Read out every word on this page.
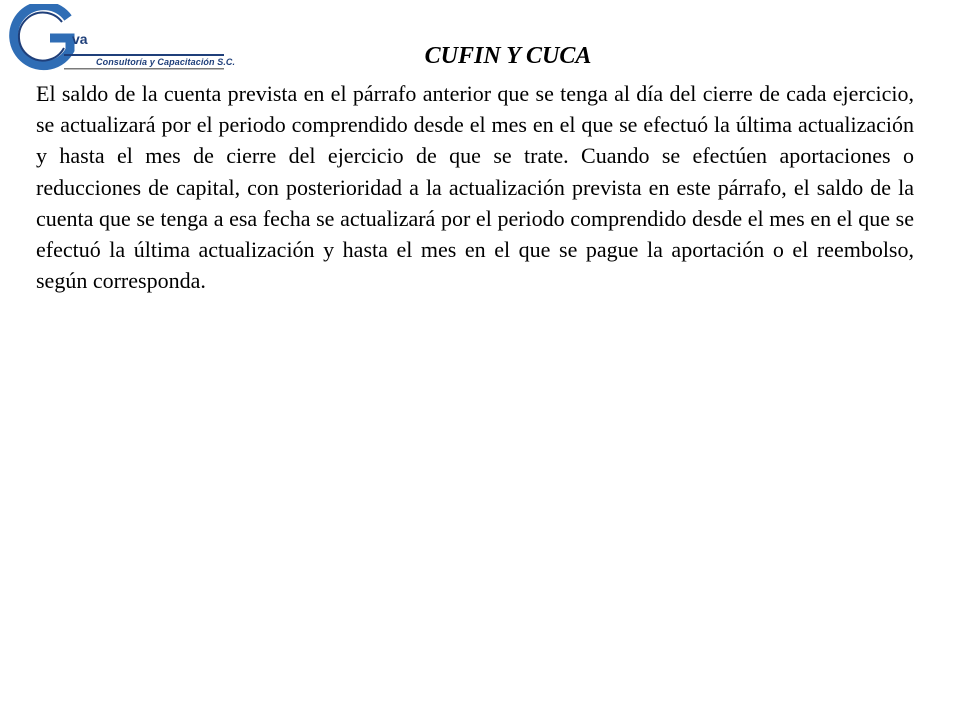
va
Consultoría y Capacitación S.C.	CUFIN Y CUCA

El saldo de la cuenta prevista en el párrafo anterior que se tenga al día del cierre de cada ejercicio, se actualizará por el periodo comprendido desde el mes en el que se efectuó la última actualización y hasta el mes de cierre del ejercicio de que se trate. Cuando se efectúen aportaciones o reducciones de capital, con posterioridad a la actualización prevista en este párrafo, el saldo de la cuenta que se tenga a esa fecha se actualizará por el periodo comprendido desde el mes en el que se efectuó la última actualización y hasta el mes en el que se pague la aportación o el reembolso, según corresponda.
